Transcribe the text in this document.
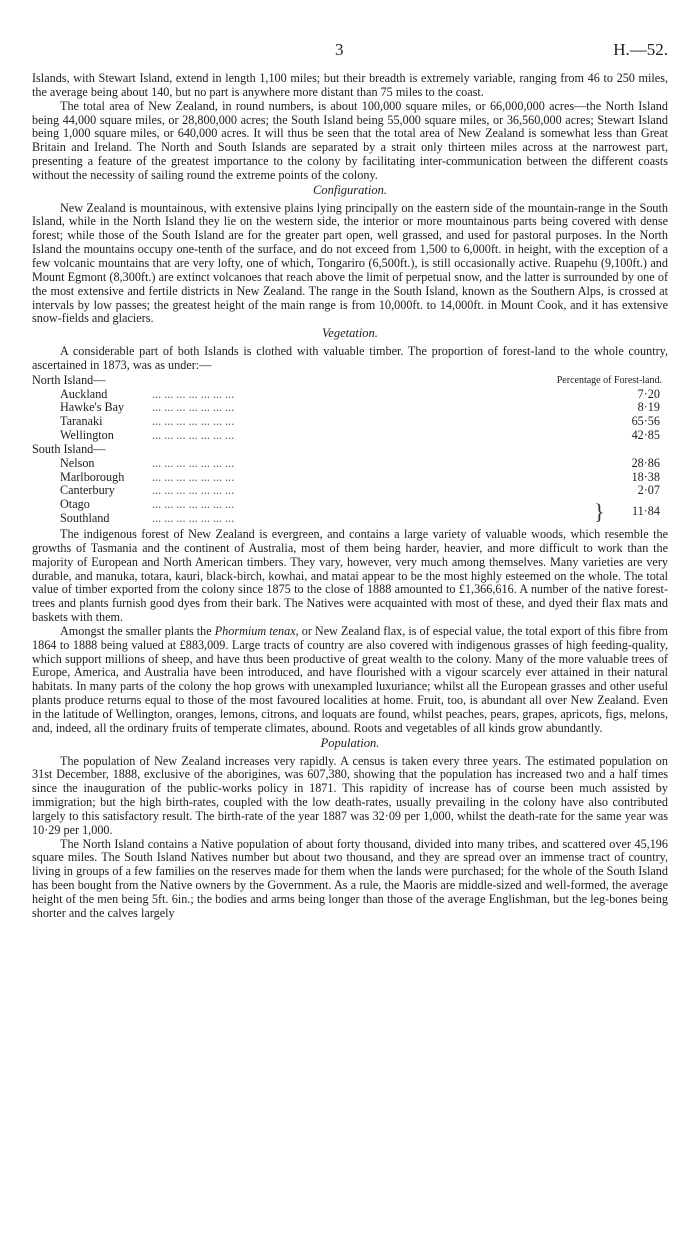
3	H.—52.

Islands, with Stewart Island, extend in length 1,100 miles; but their breadth is extremely variable, ranging from 46 to 250 miles, the average being about 140, but no part is anywhere more distant than 75 miles to the coast.

The total area of New Zealand, in round numbers, is about 100,000 square miles, or 66,000,000 acres—the North Island being 44,000 square miles, or 28,800,000 acres; the South Island being 55,000 square miles, or 36,560,000 acres; Stewart Island being 1,000 square miles, or 640,000 acres. It will thus be seen that the total area of New Zealand is somewhat less than Great Britain and Ireland. The North and South Islands are separated by a strait only thirteen miles across at the narrowest part, presenting a feature of the greatest importance to the colony by facilitating inter-communication between the different coasts without the necessity of sailing round the extreme points of the colony.

Configuration.

New Zealand is mountainous, with extensive plains lying principally on the eastern side of the mountain-range in the South Island, while in the North Island they lie on the western side, the interior or more mountainous parts being covered with dense forest; while those of the South Island are for the greater part open, well grassed, and used for pastoral purposes. In the North Island the mountains occupy one-tenth of the surface, and do not exceed from 1,500 to 6,000ft. in height, with the exception of a few volcanic mountains that are very lofty, one of which, Tongariro (6,500ft.), is still occasionally active. Ruapehu (9,100ft.) and Mount Egmont (8,300ft.) are extinct volcanoes that reach above the limit of perpetual snow, and the latter is surrounded by one of the most extensive and fertile districts in New Zealand. The range in the South Island, known as the Southern Alps, is crossed at intervals by low passes; the greatest height of the main range is from 10,000ft. to 14,000ft. in Mount Cook, and it has extensive snow-fields and glaciers.

Vegetation.

A considerable part of both Islands is clothed with valuable timber. The proportion of forest-land to the whole country, ascertained in 1873, was as under:—

North Island—	Percentage of Forest-land.
Auckland	... ... ... ... ... ... ...	7·20
Hawke's Bay	... ... ... ... ... ... ...	8·19
Taranaki	... ... ... ... ... ... ...	65·56
Wellington	... ... ... ... ... ... ...	42·85
South Island—
Nelson	... ... ... ... ... ... ...	28·86
Marlborough	... ... ... ... ... ... ...	18·38
Canterbury	... ... ... ... ... ... ...	2·07
Otago	... ... ... ... ... ... ...
Southland	... ... ... ... ... ... ...	}	11·84

The indigenous forest of New Zealand is evergreen, and contains a large variety of valuable woods, which resemble the growths of Tasmania and the continent of Australia, most of them being harder, heavier, and more difficult to work than the majority of European and North American timbers. They vary, however, very much among themselves. Many varieties are very durable, and manuka, totara, kauri, black-birch, kowhai, and matai appear to be the most highly esteemed on the whole. The total value of timber exported from the colony since 1875 to the close of 1888 amounted to £1,366,616. A number of the native forest-trees and plants furnish good dyes from their bark. The Natives were acquainted with most of these, and dyed their flax mats and baskets with them.

Amongst the smaller plants the Phormium tenax, or New Zealand flax, is of especial value, the total export of this fibre from 1864 to 1888 being valued at £883,009. Large tracts of country are also covered with indigenous grasses of high feeding-quality, which support millions of sheep, and have thus been productive of great wealth to the colony. Many of the more valuable trees of Europe, America, and Australia have been introduced, and have flourished with a vigour scarcely ever attained in their natural habitats. In many parts of the colony the hop grows with unexampled luxuriance; whilst all the European grasses and other useful plants produce returns equal to those of the most favoured localities at home. Fruit, too, is abundant all over New Zealand. Even in the latitude of Wellington, oranges, lemons, citrons, and loquats are found, whilst peaches, pears, grapes, apricots, figs, melons, and, indeed, all the ordinary fruits of temperate climates, abound. Roots and vegetables of all kinds grow abundantly.

Population.

The population of New Zealand increases very rapidly. A census is taken every three years. The estimated population on 31st December, 1888, exclusive of the aborigines, was 607,380, showing that the population has increased two and a half times since the inauguration of the public-works policy in 1871. This rapidity of increase has of course been much assisted by immigration; but the high birth-rates, coupled with the low death-rates, usually prevailing in the colony have also contributed largely to this satisfactory result. The birth-rate of the year 1887 was 32·09 per 1,000, whilst the death-rate for the same year was 10·29 per 1,000.

The North Island contains a Native population of about forty thousand, divided into many tribes, and scattered over 45,196 square miles. The South Island Natives number but about two thousand, and they are spread over an immense tract of country, living in groups of a few families on the reserves made for them when the lands were purchased; for the whole of the South Island has been bought from the Native owners by the Government. As a rule, the Maoris are middle-sized and well-formed, the average height of the men being 5ft. 6in.; the bodies and arms being longer than those of the average Englishman, but the leg-bones being shorter and the calves largely
